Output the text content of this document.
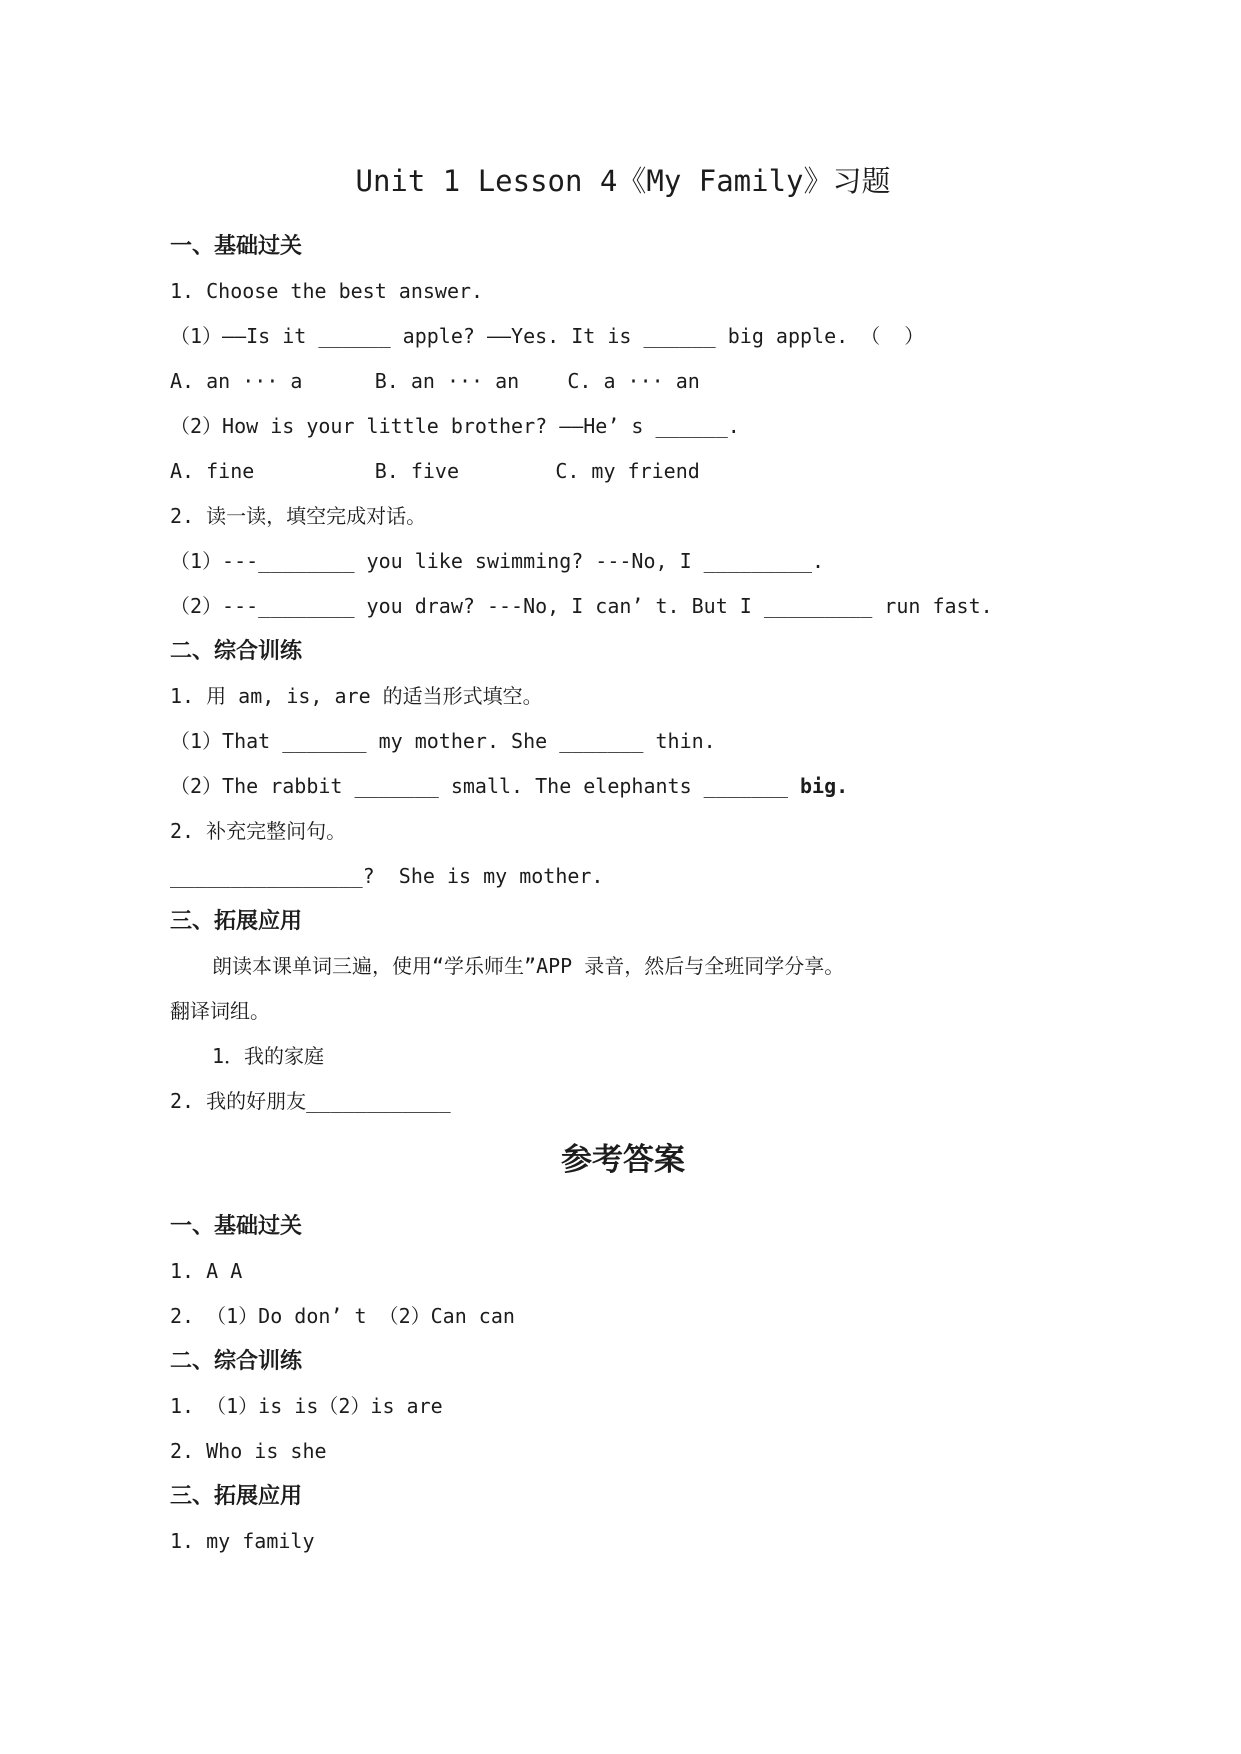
Unit 1 Lesson 4《My Family》习题
一、基础过关

1. Choose the best answer.

（1）——Is it ______ apple? ——Yes. It is ______ big apple. （  ）

A. an ··· a      B. an ··· an    C. a ··· an

（2）How is your little brother? ——He’ s ______.

A. fine          B. five        C. my friend

2. 读一读，填空完成对话。

（1）---________ you like swimming? ---No, I _________.

（2）---________ you draw? ---No, I can’ t. But I _________ run fast.

二、综合训练

1. 用 am, is, are 的适当形式填空。

（1）That _______ my mother. She _______ thin.

（2）The rabbit _______ small. The elephants _______ big.

2. 补充完整问句。

________________?  She is my mother.

三、拓展应用

朗读本课单词三遍，使用“学乐师生”APP 录音，然后与全班同学分享。

翻译词组。

1．我的家庭

2. 我的好朋友____________

参考答案
一、基础过关

1. A A

2. （1）Do don’ t （2）Can can

二、综合训练

1. （1）is is（2）is are

2. Who is she

三、拓展应用

1. my family
